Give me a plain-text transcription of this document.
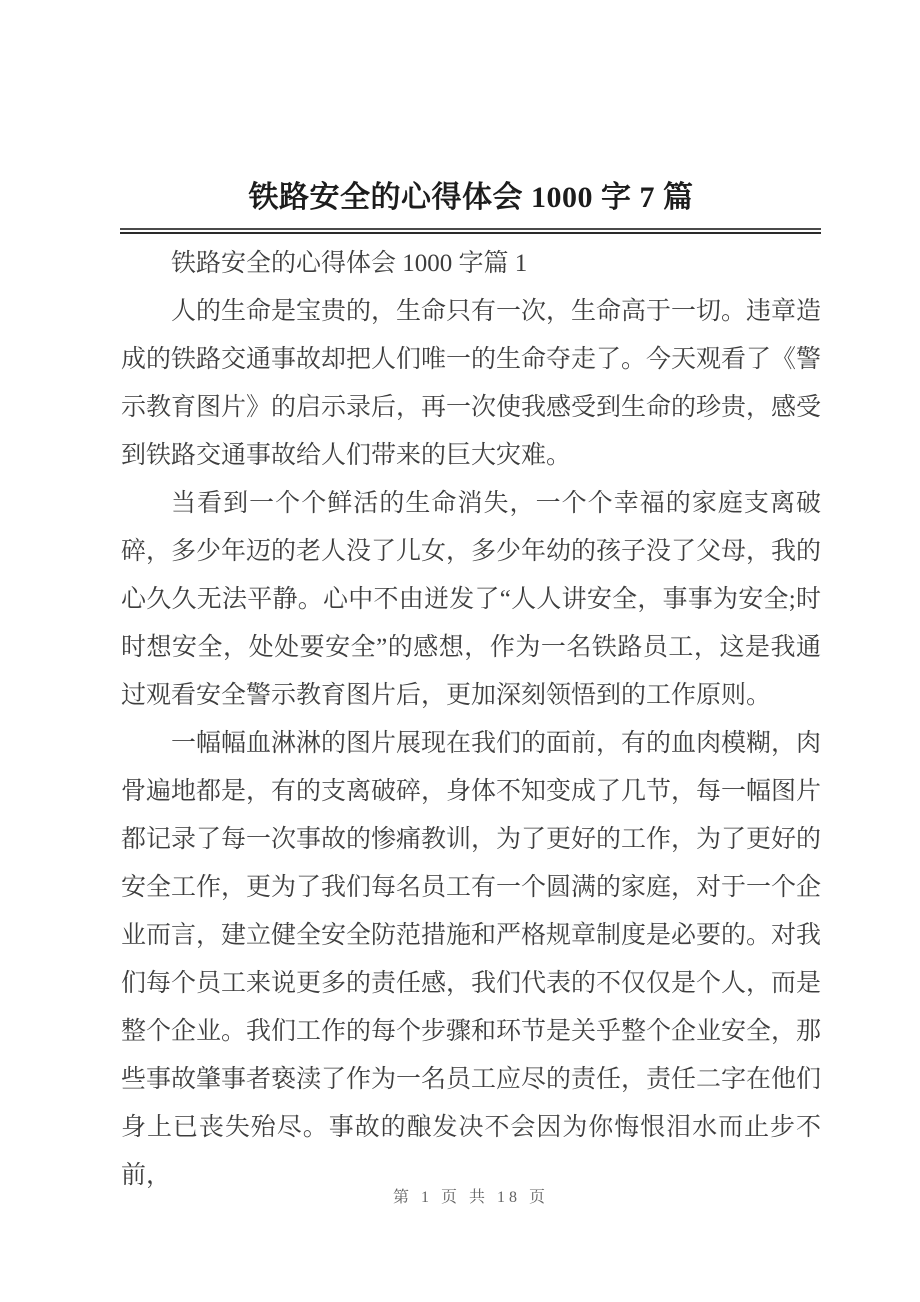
铁路安全的心得体会 1000 字 7 篇

铁路安全的心得体会 1000 字篇 1

人的生命是宝贵的，生命只有一次，生命高于一切。违章造成的铁路交通事故却把人们唯一的生命夺走了。今天观看了《警示教育图片》的启示录后，再一次使我感受到生命的珍贵，感受到铁路交通事故给人们带来的巨大灾难。

当看到一个个鲜活的生命消失，一个个幸福的家庭支离破碎，多少年迈的老人没了儿女，多少年幼的孩子没了父母，我的心久久无法平静。心中不由迸发了“人人讲安全，事事为安全;时时想安全，处处要安全”的感想，作为一名铁路员工，这是我通过观看安全警示教育图片后，更加深刻领悟到的工作原则。

一幅幅血淋淋的图片展现在我们的面前，有的血肉模糊，肉骨遍地都是，有的支离破碎，身体不知变成了几节，每一幅图片都记录了每一次事故的惨痛教训，为了更好的工作，为了更好的安全工作，更为了我们每名员工有一个圆满的家庭，对于一个企业而言，建立健全安全防范措施和严格规章制度是必要的。对我们每个员工来说更多的责任感，我们代表的不仅仅是个人，而是整个企业。我们工作的每个步骤和环节是关乎整个企业安全，那些事故肇事者亵渎了作为一名员工应尽的责任，责任二字在他们身上已丧失殆尽。事故的酿发决不会因为你悔恨泪水而止步不前，

第 1 页 共 18 页
